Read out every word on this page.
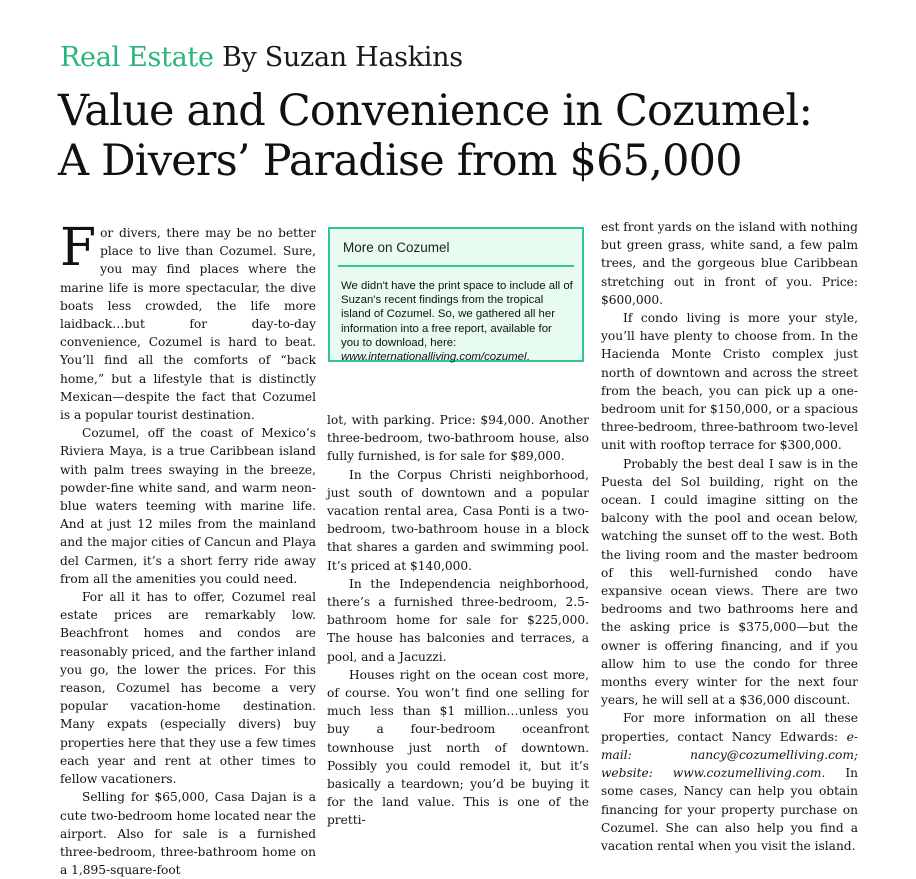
Real Estate By Suzan Haskins
Value and Convenience in Cozumel:
A Divers’ Paradise from $65,000

For divers, there may be no better place to live than Cozumel. Sure, you may find places where the marine life is more spectacular, the dive boats less crowded, the life more laidback…but for day-to-day convenience, Cozumel is hard to beat. You’ll find all the comforts of “back home,” but a lifestyle that is distinctly Mexican—despite the fact that Cozumel is a popular tourist destination.

Cozumel, off the coast of Mexico’s Riviera Maya, is a true Caribbean island with palm trees swaying in the breeze, powder-fine white sand, and warm neon-blue waters teeming with marine life. And at just 12 miles from the mainland and the major cities of Cancun and Playa del Carmen, it’s a short ferry ride away from all the amenities you could need.

For all it has to offer, Cozumel real estate prices are remarkably low. Beachfront homes and condos are reasonably priced, and the farther inland you go, the lower the prices. For this reason, Cozumel has become a very popular vacation-home destination. Many expats (especially divers) buy properties here that they use a few times each year and rent at other times to fellow vacationers.

Selling for $65,000, Casa Dajan is a cute two-bedroom home located near the airport. Also for sale is a furnished three-bedroom, three-bathroom home on a 1,895-square-foot

More on Cozumel
We didn't have the print space to include all of Suzan's recent findings from the tropical island of Cozumel. So, we gathered all her information into a free report, available for you to download, here: www.internationalliving.com/cozumel.

lot, with parking. Price: $94,000. Another three-bedroom, two-bathroom house, also fully furnished, is for sale for $89,000.

In the Corpus Christi neighborhood, just south of downtown and a popular vacation rental area, Casa Ponti is a two-bedroom, two-bathroom house in a block that shares a garden and swimming pool. It’s priced at $140,000.

In the Independencia neighborhood, there’s a furnished three-bedroom, 2.5-bathroom home for sale for $225,000. The house has balconies and terraces, a pool, and a Jacuzzi.

Houses right on the ocean cost more, of course. You won’t find one selling for much less than $1 million…unless you buy a four-bedroom oceanfront townhouse just north of downtown. Possibly you could remodel it, but it’s basically a teardown; you’d be buying it for the land value. This is one of the pretti-

est front yards on the island with nothing but green grass, white sand, a few palm trees, and the gorgeous blue Caribbean stretching out in front of you. Price: $600,000.

If condo living is more your style, you’ll have plenty to choose from. In the Hacienda Monte Cristo complex just north of downtown and across the street from the beach, you can pick up a one-bedroom unit for $150,000, or a spacious three-bedroom, three-bathroom two-level unit with rooftop terrace for $300,000.

Probably the best deal I saw is in the Puesta del Sol building, right on the ocean. I could imagine sitting on the balcony with the pool and ocean below, watching the sunset off to the west. Both the living room and the master bedroom of this well-furnished condo have expansive ocean views. There are two bedrooms and two bathrooms here and the asking price is $375,000—but the owner is offering financing, and if you allow him to use the condo for three months every winter for the next four years, he will sell at a $36,000 discount.

For more information on all these properties, contact Nancy Edwards: e-mail: nancy@cozumelliving.com; website: www.cozumelliving.com. In some cases, Nancy can help you obtain financing for your property purchase on Cozumel. She can also help you find a vacation rental when you visit the island.
